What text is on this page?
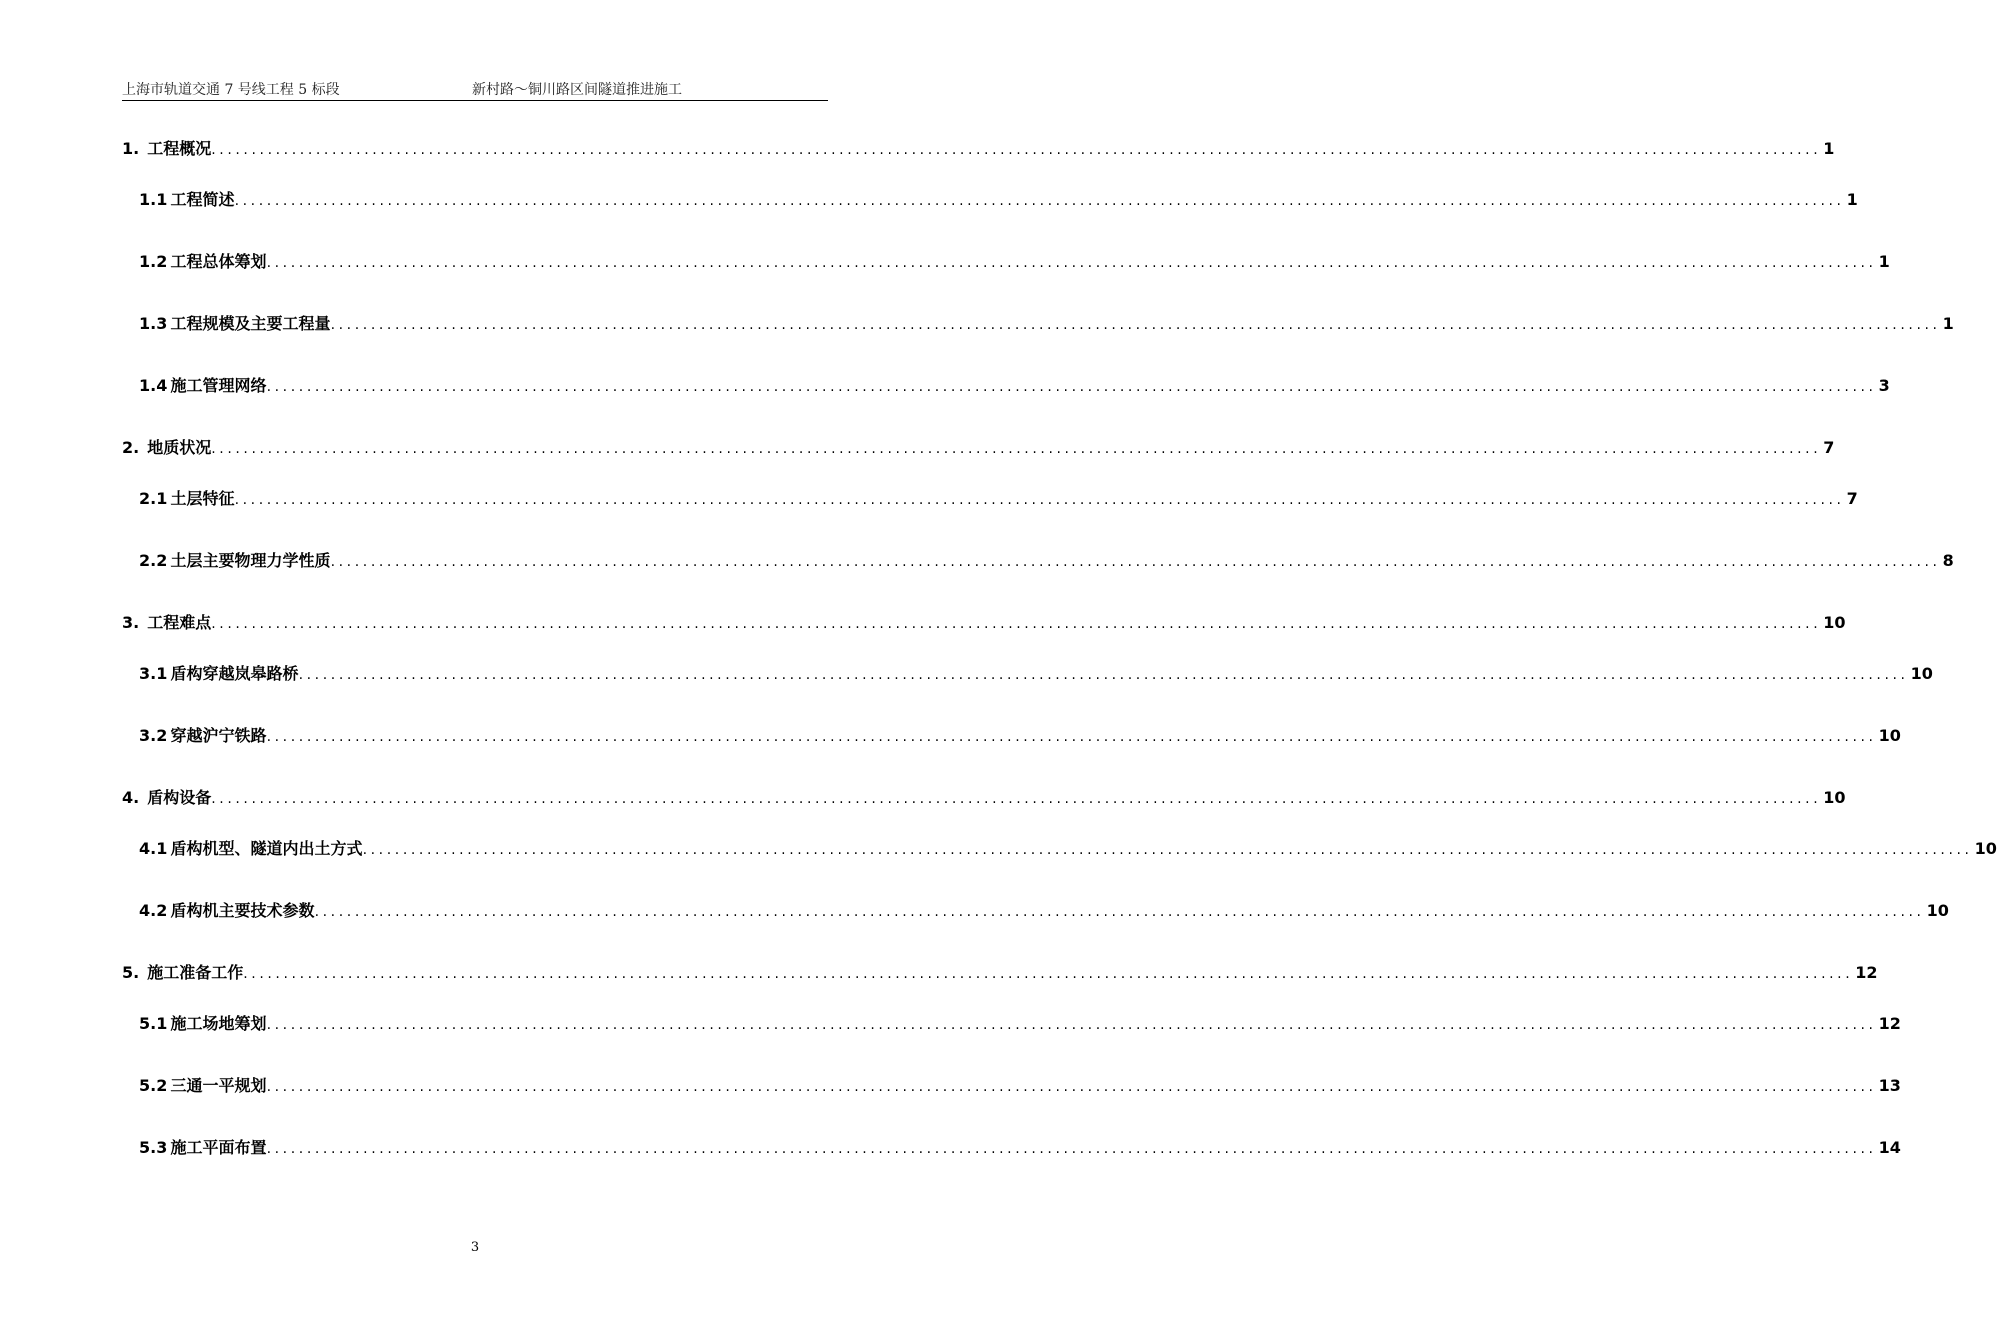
上海市轨道交通 7 号线工程 5 标段	新村路～铜川路区间隧道推进施工
1.
  工程概况 ........................................................................................................................................................................................................ 1
1.1
  工程简述 ........................................................................................................................................................................................................ 1
1.2
  工程总体筹划 ........................................................................................................................................................................................................ 1
1.3
  工程规模及主要工程量 ........................................................................................................................................................................................................ 1
1.4
  施工管理网络 ........................................................................................................................................................................................................ 3
2.
  地质状况 ........................................................................................................................................................................................................ 7
2.1
  土层特征 ........................................................................................................................................................................................................ 7
2.2
  土层主要物理力学性质 ........................................................................................................................................................................................................ 8
3.
  工程难点 ........................................................................................................................................................................................................ 10
3.1
  盾构穿越岚皋路桥 ........................................................................................................................................................................................................ 10
3.2
  穿越沪宁铁路 ........................................................................................................................................................................................................ 10
4.
  盾构设备 ........................................................................................................................................................................................................ 10
4.1
  盾构机型、隧道内出土方式 ........................................................................................................................................................................................................ 10
4.2
  盾构机主要技术参数 ........................................................................................................................................................................................................ 10
5.
  施工准备工作 ........................................................................................................................................................................................................ 12
5.1
  施工场地筹划 ........................................................................................................................................................................................................ 12
5.2
  三通一平规划 ........................................................................................................................................................................................................ 13
5.3
  施工平面布置 ........................................................................................................................................................................................................ 14
3
